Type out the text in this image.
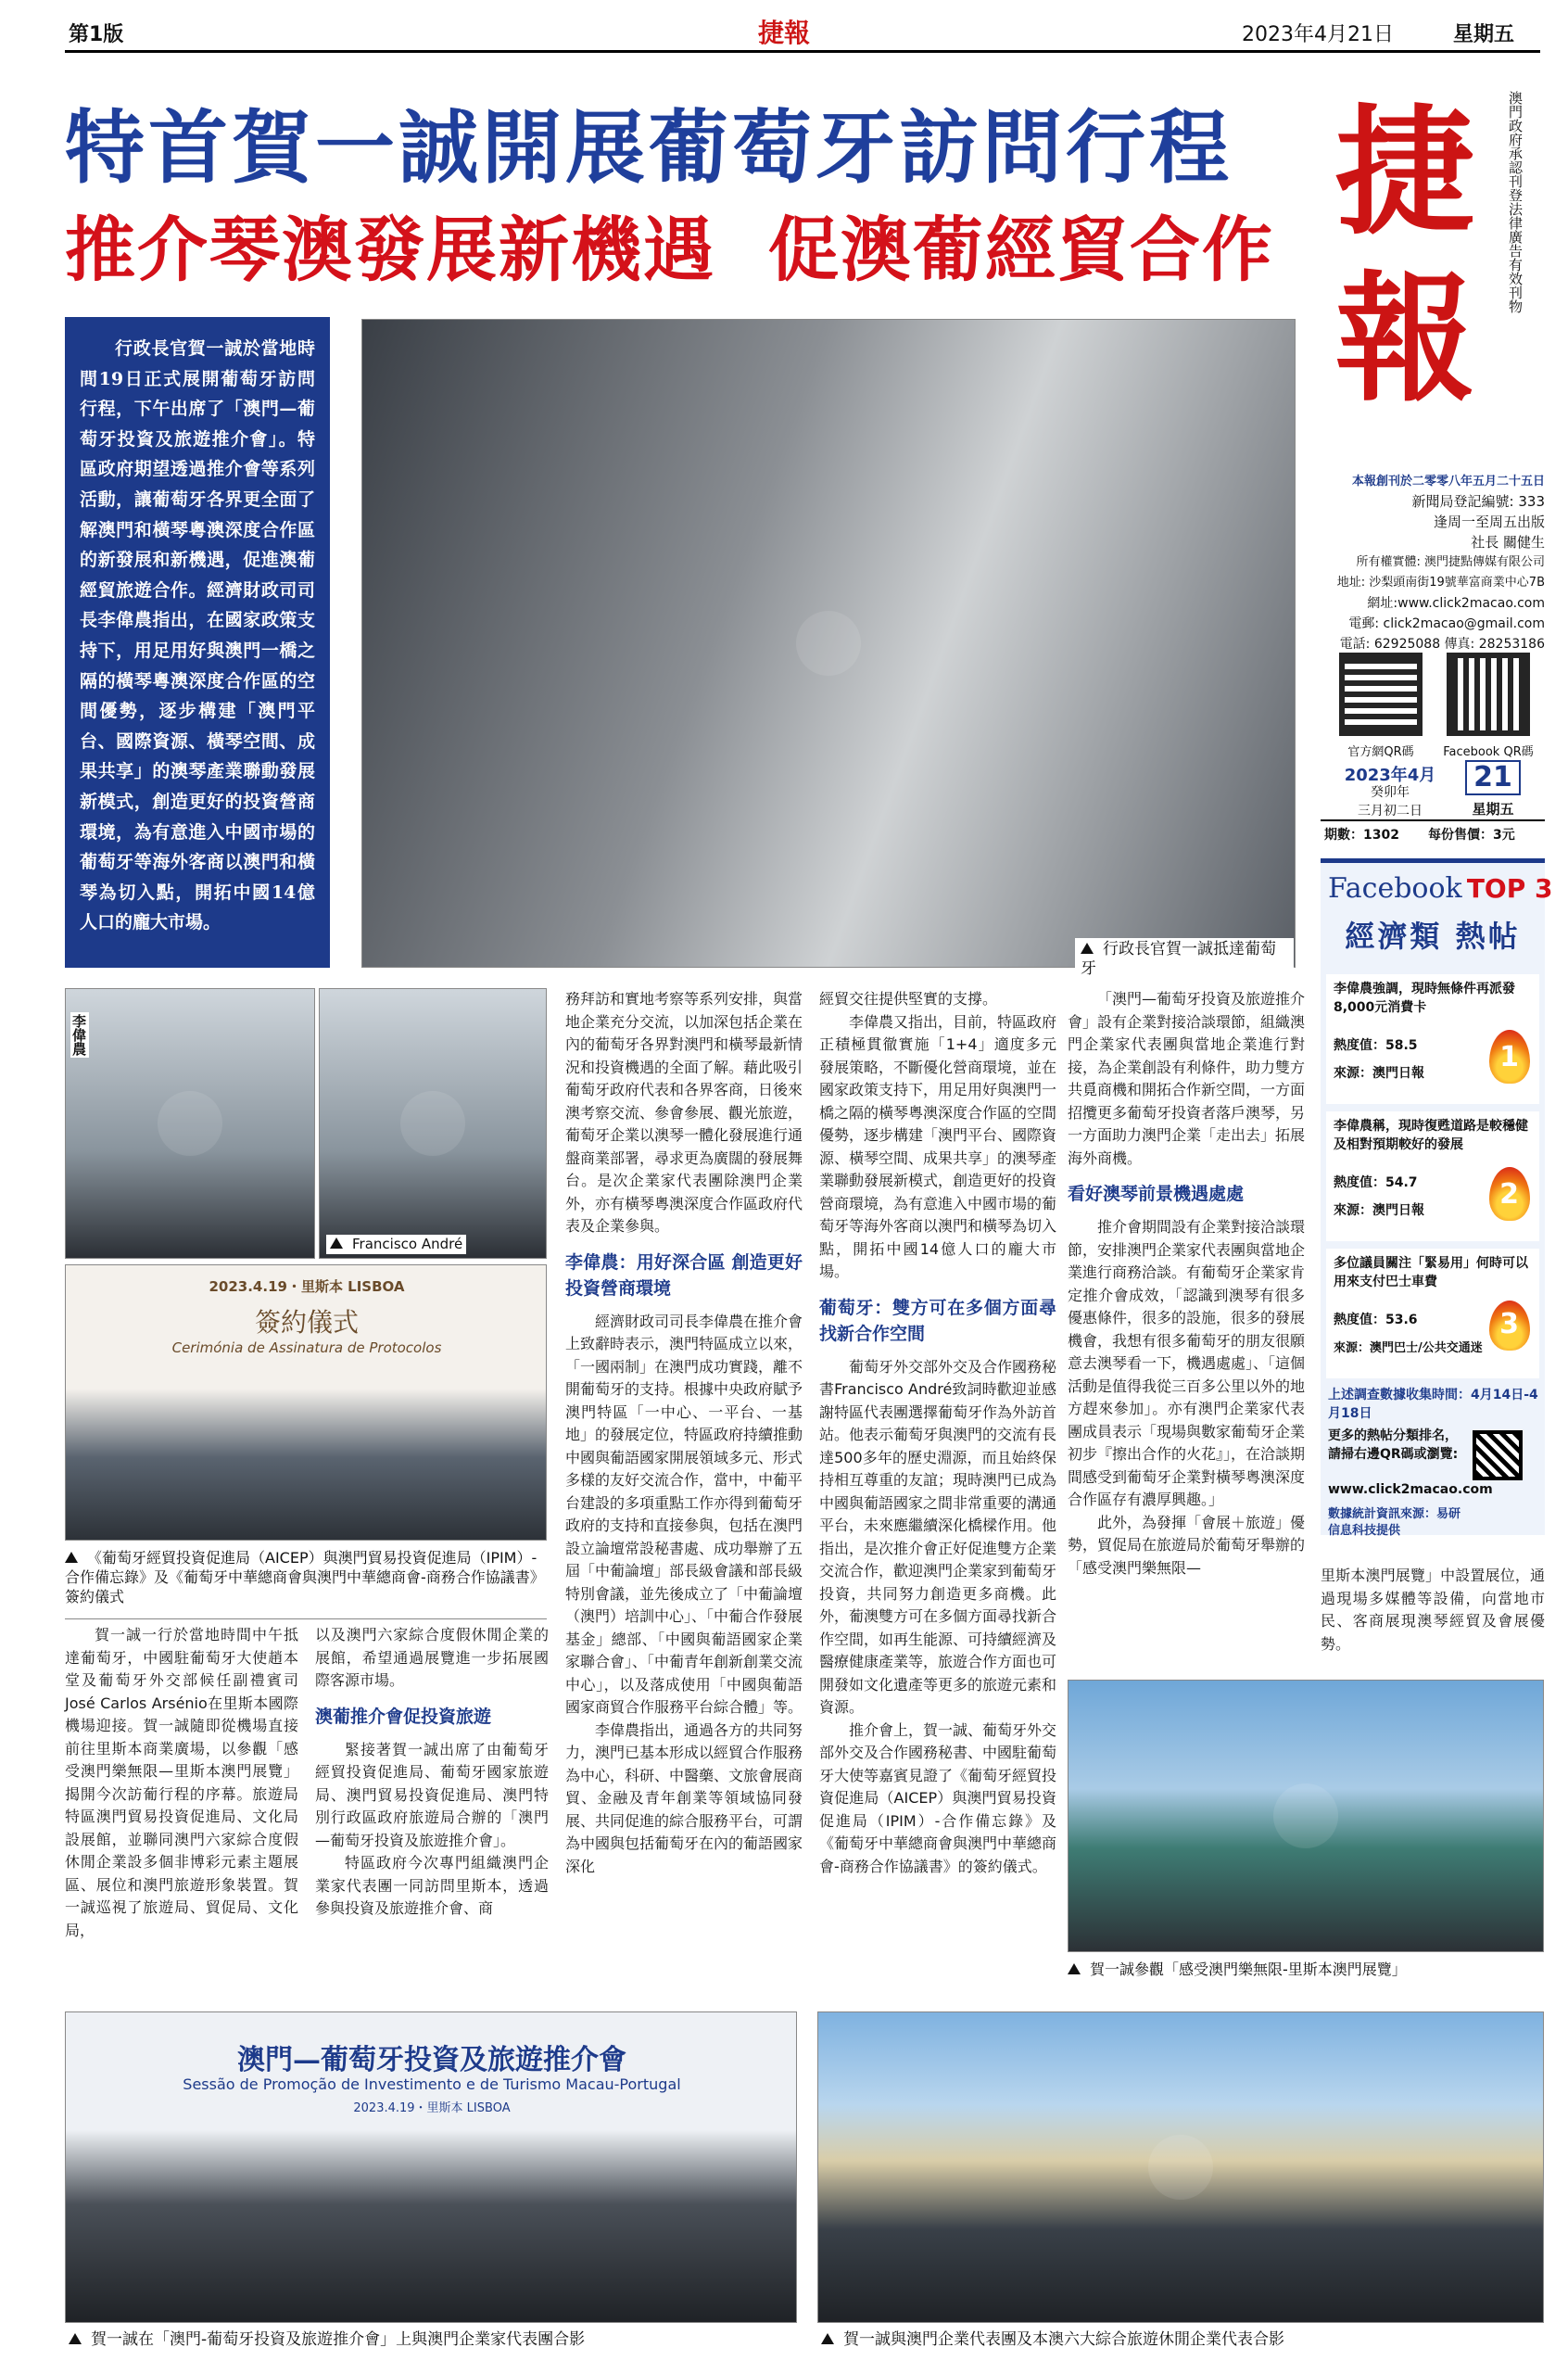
第1版	捷報	2023年4月21日	星期五
特首賀一誠開展葡萄牙訪問行程
推介琴澳發展新機遇  促澳葡經貿合作 捷
報
澳門政府承認刊登法律廣告有效刊物
本報創刊於二零零八年五月二十五日
新聞局登記編號: 333
逢周一至周五出版
社長 關健生
所有權實體: 澳門捷點傳媒有限公司
地址: 沙梨頭南街19號華富商業中心7B
網址:www.click2macao.com
電郵: click2macao@gmail.com
電話: 62925088 傳真: 28253186
官方網QR碼	Facebook QR碼
2023年4月
癸卯年
三月初二日
21
星期五
期數：1302 每份售價：3元
Facebook TOP 3
經濟類 熱帖
李偉農強調，現時無條件再派發8,000元消費卡
熱度值：58.5
來源：澳門日報	1
李偉農稱，現時復甦道路是較穩健及相對預期較好的發展
熱度值：54.7
來源：澳門日報	2
多位議員關注「緊易用」何時可以用來支付巴士車費
熱度值：53.6
來源：澳門巴士/公共交通迷
3
上述調查數據收集時間：4月14日-4月18日
更多的熱帖分類排名，請掃右邊QR碼或瀏覽:
www.click2macao.com
數據統計資訊來源：易研信息科技提供
行政長官賀一誠於當地時間19日正式展開葡萄牙訪問行程，下午出席了「澳門—葡萄牙投資及旅遊推介會」。特區政府期望透過推介會等系列活動，讓葡萄牙各界更全面了解澳門和橫琴粵澳深度合作區的新發展和新機遇，促進澳葡經貿旅遊合作。經濟財政司司長李偉農指出，在國家政策支持下，用足用好與澳門一橋之隔的橫琴粵澳深度合作區的空間優勢，逐步構建「澳門平台、國際資源、橫琴空間、成果共享」的澳琴產業聯動發展新模式，創造更好的投資營商環境，為有意進入中國市場的葡萄牙等海外客商以澳門和橫琴為切入點，開拓中國14億人口的龐大市場。
行政長官賀一誠抵達葡萄牙
李偉農
Francisco André
2023.4.19・里斯本 LISBOA
簽約儀式
Cerimónia de Assinatura de Protocolos
《葡萄牙經貿投資促進局（AICEP）與澳門貿易投資促進局（IPIM）-合作備忘錄》及《葡萄牙中華總商會與澳門中華總商會-商務合作協議書》簽約儀式

賀一誠一行於當地時間中午抵達葡萄牙，中國駐葡萄牙大使趙本堂及葡萄牙外交部候任副禮賓司José Carlos Arsénio在里斯本國際機場迎接。賀一誠隨即從機場直接前往里斯本商業廣場，以參觀「感受澳門樂無限—里斯本澳門展覽」揭開今次訪葡行程的序幕。旅遊局特區澳門貿易投資促進局、文化局設展館，並聯同澳門六家綜合度假休閒企業設多個非博彩元素主題展區、展位和澳門旅遊形象裝置。賀一誠巡視了旅遊局、貿促局、文化局，

以及澳門六家綜合度假休閒企業的展館，希望通過展覽進一步拓展國際客源市場。

澳葡推介會促投資旅遊

緊接著賀一誠出席了由葡萄牙經貿投資促進局、葡萄牙國家旅遊局、澳門貿易投資促進局、澳門特別行政區政府旅遊局合辦的「澳門—葡萄牙投資及旅遊推介會」。

特區政府今次專門組織澳門企業家代表團一同訪問里斯本，透過參與投資及旅遊推介會、商

務拜訪和實地考察等系列安排，與當地企業充分交流，以加深包括企業在內的葡萄牙各界對澳門和橫琴最新情況和投資機遇的全面了解。藉此吸引葡萄牙政府代表和各界客商，日後來澳考察交流、參會參展、觀光旅遊，葡萄牙企業以澳琴一體化發展進行通盤商業部署，尋求更為廣闊的發展舞台。是次企業家代表團除澳門企業外，亦有橫琴粵澳深度合作區政府代表及企業參與。

李偉農：用好深合區 創造更好投資營商環境

經濟財政司司長李偉農在推介會上致辭時表示，澳門特區成立以來，「一國兩制」在澳門成功實踐，離不開葡萄牙的支持。根據中央政府賦予澳門特區「一中心、一平台、一基地」的發展定位，特區政府持續推動中國與葡語國家開展領域多元、形式多樣的友好交流合作，當中，中葡平台建設的多項重點工作亦得到葡萄牙政府的支持和直接參與，包括在澳門設立論壇常設秘書處、成功舉辦了五屆「中葡論壇」部長級會議和部長級特別會議，並先後成立了「中葡論壇（澳門）培訓中心」、「中葡合作發展基金」總部、「中國與葡語國家企業家聯合會」、「中葡青年創新創業交流中心」，以及落成使用「中國與葡語國家商貿合作服務平台綜合體」等。

李偉農指出，通過各方的共同努力，澳門已基本形成以經貿合作服務為中心，科研、中醫藥、文旅會展商貿、金融及青年創業等領域協同發展、共同促進的綜合服務平台，可謂為中國與包括葡萄牙在內的葡語國家深化

經貿交往提供堅實的支撐。

李偉農又指出，目前，特區政府正積極貫徹實施「1+4」適度多元發展策略，不斷優化營商環境，並在國家政策支持下，用足用好與澳門一橋之隔的橫琴粵澳深度合作區的空間優勢，逐步構建「澳門平台、國際資源、橫琴空間、成果共享」的澳琴產業聯動發展新模式，創造更好的投資營商環境，為有意進入中國市場的葡萄牙等海外客商以澳門和橫琴為切入點，開拓中國14億人口的龐大市場。

葡萄牙：雙方可在多個方面尋找新合作空間

葡萄牙外交部外交及合作國務秘書Francisco André致詞時歡迎並感謝特區代表團選擇葡萄牙作為外訪首站。他表示葡萄牙與澳門的交流有長達500多年的歷史淵源，而且始終保持相互尊重的友誼；現時澳門已成為中國與葡語國家之間非常重要的溝通平台，未來應繼續深化橋樑作用。他指出，是次推介會正好促進雙方企業交流合作，歡迎澳門企業家到葡萄牙投資，共同努力創造更多商機。此外，葡澳雙方可在多個方面尋找新合作空間，如再生能源、可持續經濟及醫療健康產業等，旅遊合作方面也可開發如文化遺產等更多的旅遊元素和資源。

推介會上，賀一誠、葡萄牙外交部外交及合作國務秘書、中國駐葡萄牙大使等嘉賓見證了《葡萄牙經貿投資促進局（AICEP）與澳門貿易投資促進局（IPIM）-合作備忘錄》及《葡萄牙中華總商會與澳門中華總商會-商務合作協議書》的簽約儀式。

「澳門—葡萄牙投資及旅遊推介會」設有企業對接洽談環節，組織澳門企業家代表團與當地企業進行對接，為企業創設有利條件，助力雙方共覓商機和開拓合作新空間，一方面招攬更多葡萄牙投資者落戶澳琴，另一方面助力澳門企業「走出去」拓展海外商機。

看好澳琴前景機遇處處

推介會期間設有企業對接洽談環節，安排澳門企業家代表團與當地企業進行商務洽談。有葡萄牙企業家肯定推介會成效，「認識到澳琴有很多優惠條件，很多的設施，很多的發展機會，我想有很多葡萄牙的朋友很願意去澳琴看一下，機遇處處」、「這個活動是值得我從三百多公里以外的地方趕來參加」。亦有澳門企業家代表團成員表示「現場與數家葡萄牙企業初步『擦出合作的火花』」，在洽談期間感受到葡萄牙企業對橫琴粵澳深度合作區存有濃厚興趣。」

此外，為發揮「會展＋旅遊」優勢，貿促局在旅遊局於葡萄牙舉辦的「感受澳門樂無限—	里斯本澳門展覽」中設置展位，通過現場多媒體等設備，向當地市民、客商展現澳琴經貿及會展優勢。

賀一誠參觀「感受澳門樂無限-里斯本澳門展覽」
澳門—葡萄牙投資及旅遊推介會
Sessão de Promoção de Investimento e de Turismo Macau-Portugal
2023.4.19・里斯本 LISBOA
賀一誠在「澳門-葡萄牙投資及旅遊推介會」上與澳門企業家代表團合影	賀一誠與澳門企業代表團及本澳六大綜合旅遊休閒企業代表合影
